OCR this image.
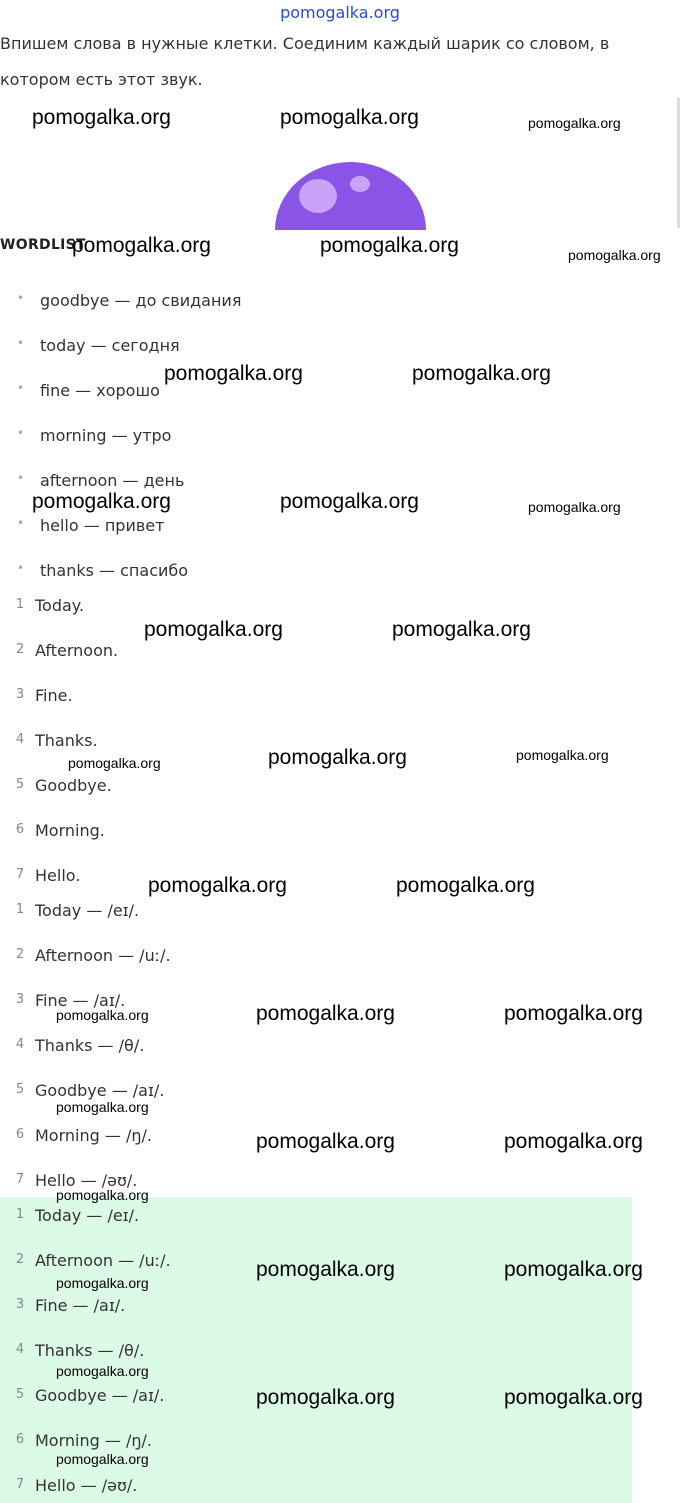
pomogalka.org
Впишем слова в нужные клетки. Соединим каждый шарик со словом, в
котором есть этот звук.
WORDLIST
• goodbye — до свидания
• today — сегодня
• fine — хорошо
• morning — утро
• afternoon — день
• hello — привет
• thanks — спасибо
1 Today.
2 Afternoon.
3 Fine.
4 Thanks.
5 Goodbye.
6 Morning.
7 Hello.
1 Today — /eɪ/.
2 Afternoon — /uː/.
3 Fine — /aɪ/.
4 Thanks — /θ/.
5 Goodbye — /aɪ/.
6 Morning — /ŋ/.
7 Hello — /əʊ/.
1 Today — /eɪ/.
2 Afternoon — /uː/.
3 Fine — /aɪ/.
4 Thanks — /θ/.
5 Goodbye — /aɪ/.
6 Morning — /ŋ/.
7 Hello — /əʊ/.
pomogalka.org	pomogalka.org	pomogalka.org
pomogalka.org	pomogalka.org	pomogalka.org
pomogalka.org	pomogalka.org
pomogalka.org	pomogalka.org	pomogalka.org
pomogalka.org	pomogalka.org
pomogalka.org	pomogalka.org	pomogalka.org
pomogalka.org	pomogalka.org
pomogalka.org	pomogalka.org	pomogalka.org
pomogalka.org
pomogalka.org	pomogalka.org
pomogalka.org
pomogalka.org
pomogalka.org	pomogalka.org
pomogalka.org
pomogalka.org	pomogalka.org
pomogalka.org
